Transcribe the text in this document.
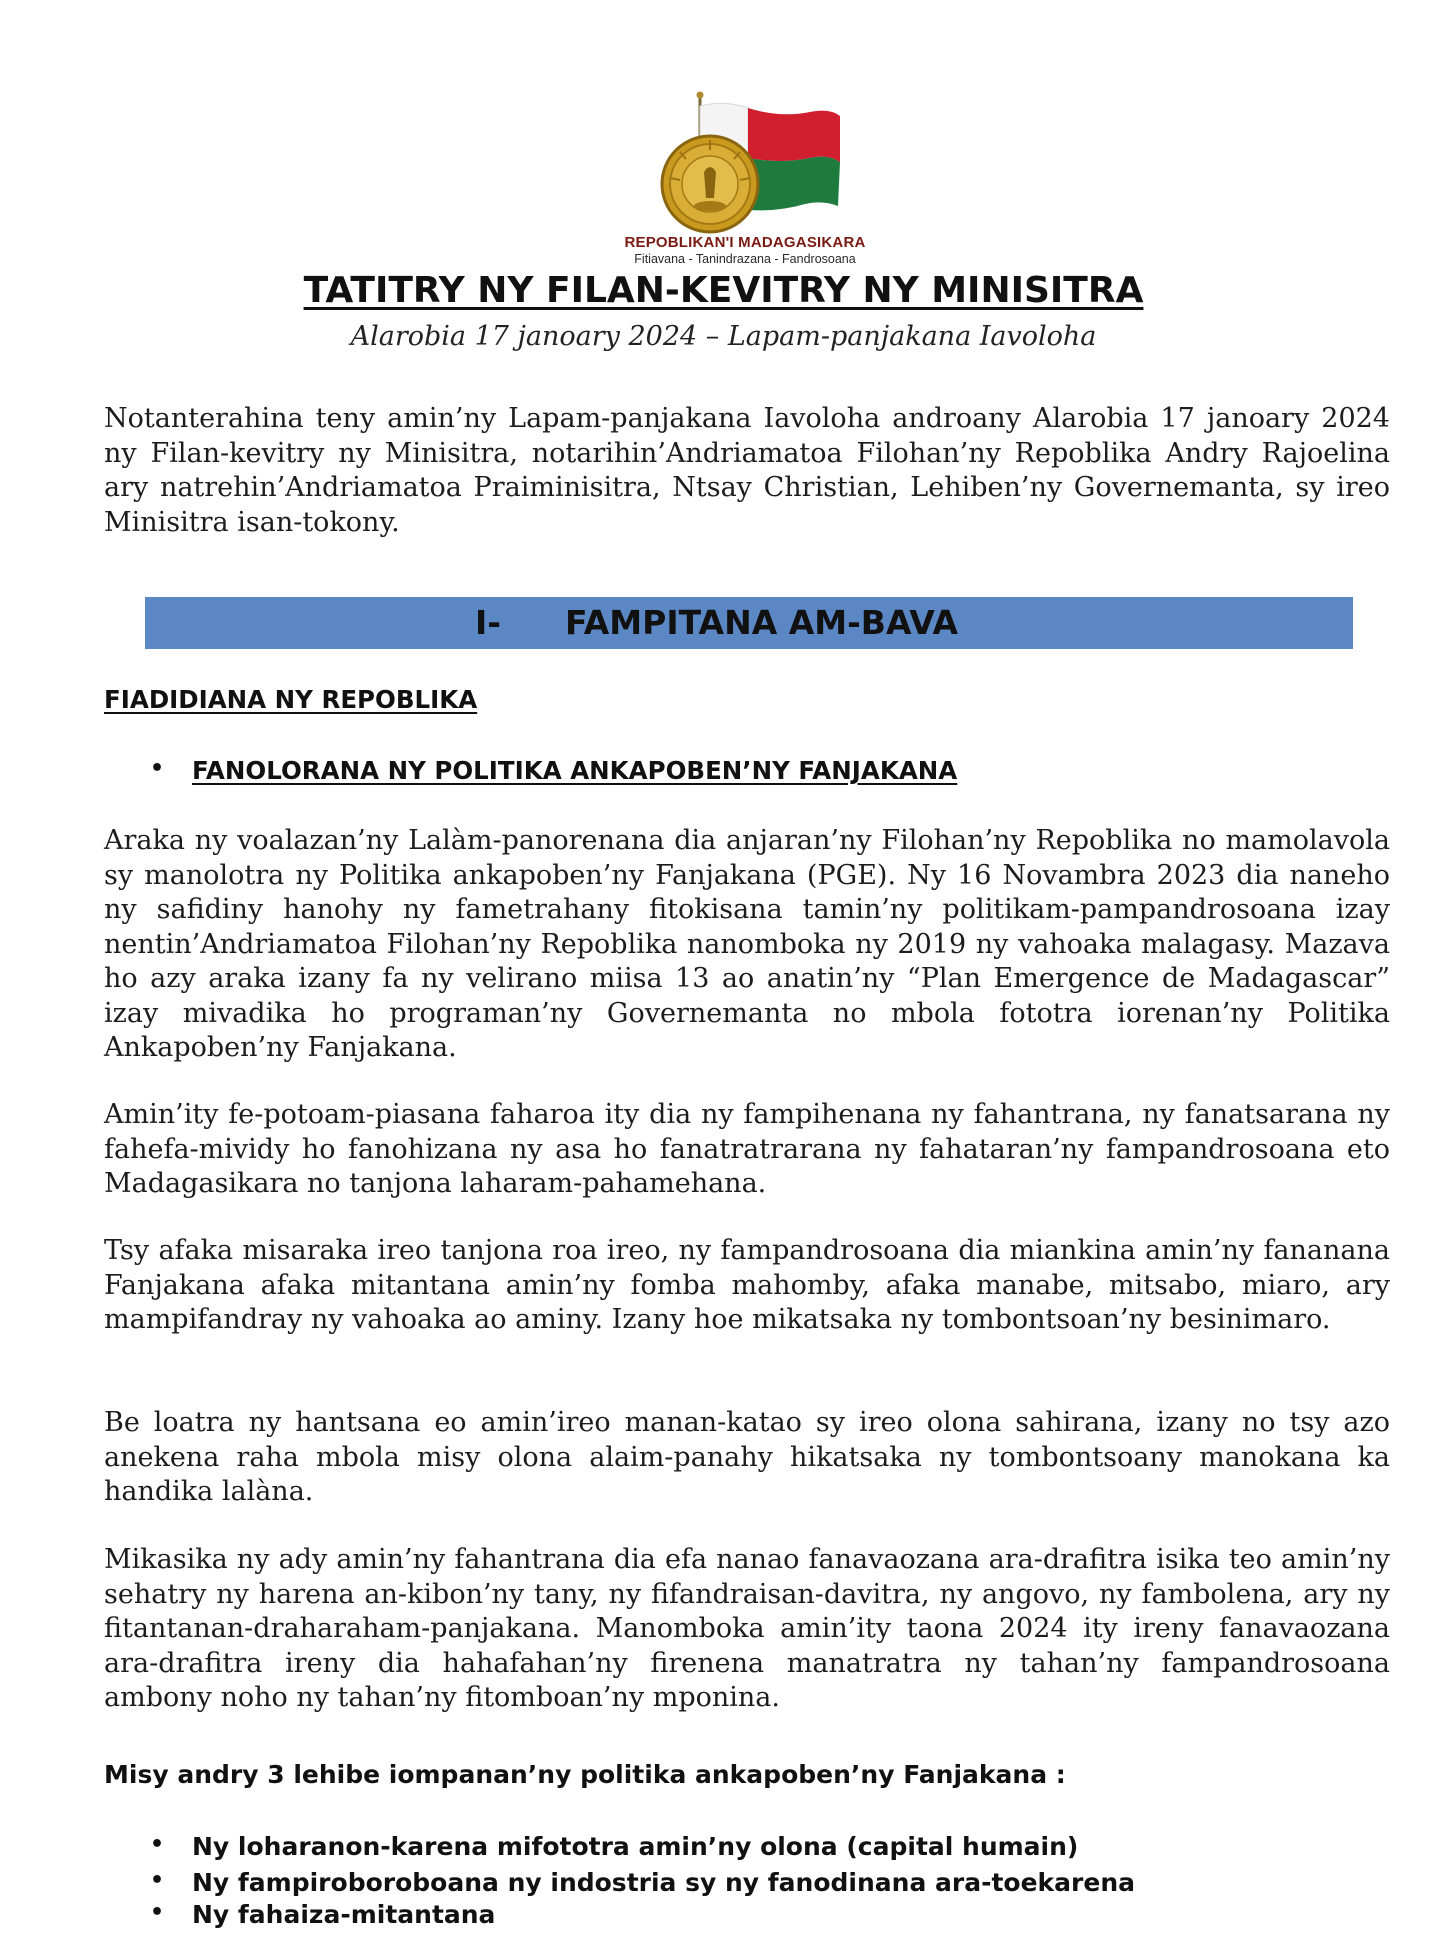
REPOBLIKAN'I MADAGASIKARA
Fitiavana - Tanindrazana - Fandrosoana
TATITRY NY FILAN-KEVITRY NY MINISITRA
Alarobia 17 janoary 2024 – Lapam-panjakana Iavoloha
Notanterahina teny amin’ny Lapam-panjakana Iavoloha androany Alarobia 17 janoary 2024 ny Filan-kevitry ny Minisitra, notarihin’Andriamatoa Filohan’ny Repoblika Andry Rajoelina ary natrehin’Andriamatoa Praiminisitra, Ntsay Christian, Lehiben’ny Governemanta, sy ireo Minisitra isan-tokony.
I- FAMPITANA AM-BAVA
FIADIDIANA NY REPOBLIKA
• FANOLORANA NY POLITIKA ANKAPOBEN’NY FANJAKANA
Araka ny voalazan’ny Lalàm-panorenana dia anjaran’ny Filohan’ny Repoblika no mamolavola sy manolotra ny Politika ankapoben’ny Fanjakana (PGE). Ny 16 Novambra 2023 dia naneho ny safidiny hanohy ny fametrahany fitokisana tamin’ny politikam-pampandrosoana izay nentin’Andriamatoa Filohan’ny Repoblika nanomboka ny 2019 ny vahoaka malagasy. Mazava ho azy araka izany fa ny velirano miisa 13 ao anatin’ny “Plan Emergence de Madagascar” izay mivadika ho programan’ny Governemanta no mbola fototra iorenan’ny Politika Ankapoben’ny Fanjakana.
Amin’ity fe-potoam-piasana faharoa ity dia ny fampihenana ny fahantrana, ny fanatsarana ny fahefa-mividy ho fanohizana ny asa ho fanatratrarana ny fahataran’ny fampandrosoana eto Madagasikara no tanjona laharam-pahamehana.
Tsy afaka misaraka ireo tanjona roa ireo, ny fampandrosoana dia miankina amin’ny fananana Fanjakana afaka mitantana amin’ny fomba mahomby, afaka manabe, mitsabo, miaro, ary mampifandray ny vahoaka ao aminy. Izany hoe mikatsaka ny tombontsoan’ny besinimaro.
Be loatra ny hantsana eo amin’ireo manan-katao sy ireo olona sahirana, izany no tsy azo anekena raha mbola misy olona alaim-panahy hikatsaka ny tombontsoany manokana ka handika lalàna.
Mikasika ny ady amin’ny fahantrana dia efa nanao fanavaozana ara-drafitra isika teo amin’ny sehatry ny harena an-kibon’ny tany, ny fifandraisan-davitra, ny angovo, ny fambolena, ary ny fitantanan-draharaham-panjakana. Manomboka amin’ity taona 2024 ity ireny fanavaozana ara-drafitra ireny dia hahafahan’ny firenena manatratra ny tahan’ny fampandrosoana ambony noho ny tahan’ny fitomboan’ny mponina.
Misy andry 3 lehibe iompanan’ny politika ankapoben’ny Fanjakana :
• Ny loharanon-karena mifototra amin’ny olona (capital humain)
• Ny fampiroboroboana ny indostria sy ny fanodinana ara-toekarena
• Ny fahaiza-mitantana
